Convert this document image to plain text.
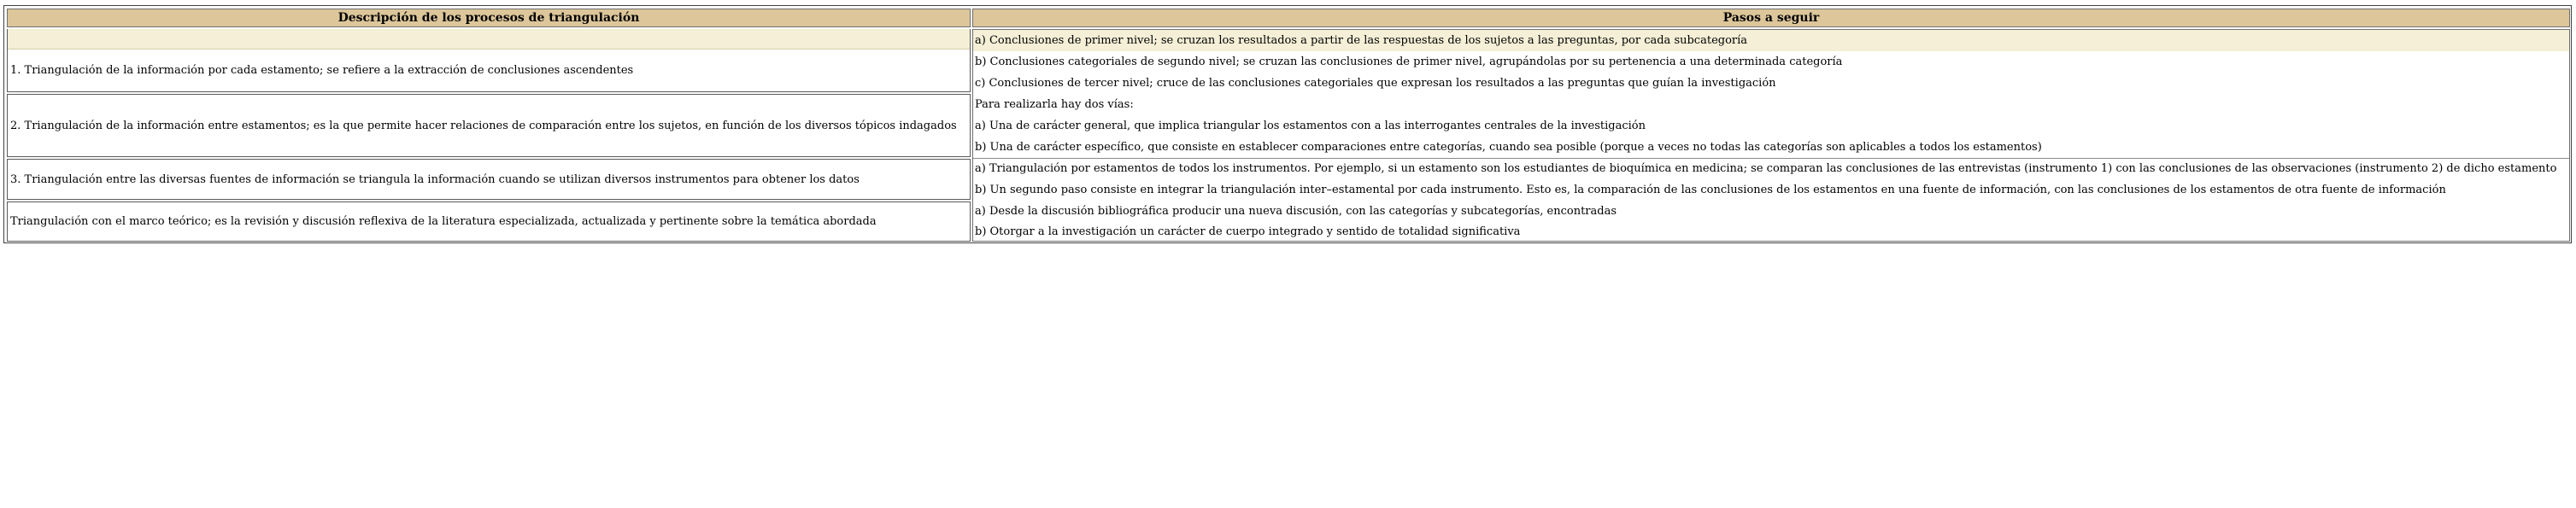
Descripción de los procesos de triangulación	Pasos a seguir
1. Triangulación de la información por cada estamento; se refiere a la extracción de conclusiones ascendentes
2. Triangulación de la información entre estamentos; es la que permite hacer relaciones de comparación entre los sujetos, en función de los diversos tópicos indagados
3. Triangulación entre las diversas fuentes de información se triangula la información cuando se utilizan diversos instrumentos para obtener los datos
Triangulación con el marco teórico; es la revisión y discusión reflexiva de la literatura especializada, actualizada y pertinente sobre la temática abordada
a) Conclusiones de primer nivel; se cruzan los resultados a partir de las respuestas de los sujetos a las preguntas, por cada subcategoría
b) Conclusiones categoriales de segundo nivel; se cruzan las conclusiones de primer nivel, agrupándolas por su pertenencia a una determinada categoría
c) Conclusiones de tercer nivel; cruce de las conclusiones categoriales que expresan los resultados a las preguntas que guían la investigación
Para realizarla hay dos vías:
a) Una de carácter general, que implica triangular los estamentos con a las interrogantes centrales de la investigación
b) Una de carácter específico, que consiste en establecer comparaciones entre categorías, cuando sea posible (porque a veces no todas las categorías son aplicables a todos los estamentos)
a) Triangulación por estamentos de todos los instrumentos. Por ejemplo, si un estamento son los estudiantes de bioquímica en medicina; se comparan las conclusiones de las entrevistas (instrumento 1) con las conclusiones de las observaciones (instrumento 2) de dicho estamento
b) Un segundo paso consiste en integrar la triangulación inter–estamental por cada instrumento. Esto es, la comparación de las conclusiones de los estamentos en una fuente de información, con las conclusiones de los estamentos de otra fuente de información
a) Desde la discusión bibliográfica producir una nueva discusión, con las categorías y subcategorías, encontradas
b) Otorgar a la investigación un carácter de cuerpo integrado y sentido de totalidad significativa
